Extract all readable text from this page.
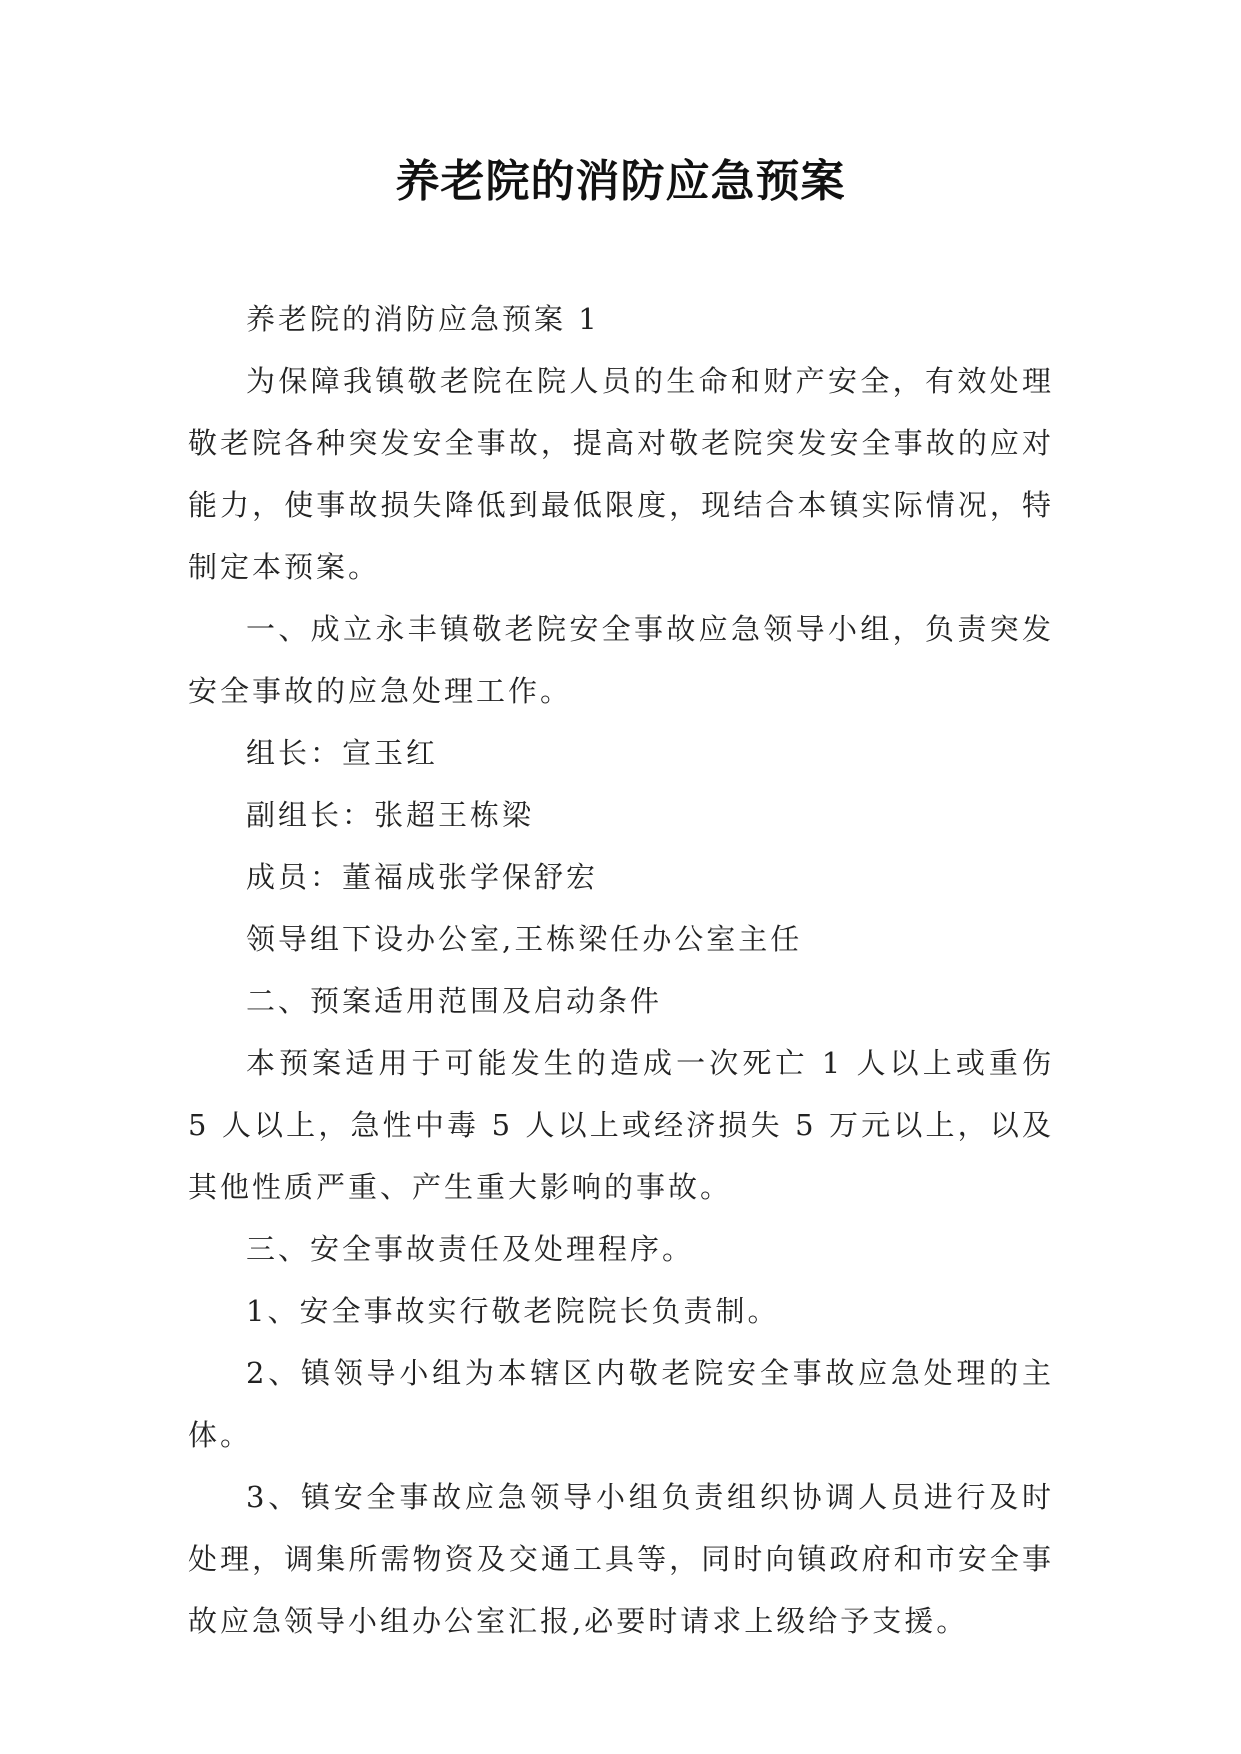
养老院的消防应急预案

养老院的消防应急预案 1

为保障我镇敬老院在院人员的生命和财产安全，有效处理敬老院各种突发安全事故，提高对敬老院突发安全事故的应对能力，使事故损失降低到最低限度，现结合本镇实际情况，特制定本预案。

一、成立永丰镇敬老院安全事故应急领导小组，负责突发安全事故的应急处理工作。

组长：宣玉红

副组长：张超王栋梁

成员：董福成张学保舒宏

领导组下设办公室,王栋梁任办公室主任

二、预案适用范围及启动条件

本预案适用于可能发生的造成一次死亡 1 人以上或重伤 5 人以上，急性中毒 5 人以上或经济损失 5 万元以上，以及其他性质严重、产生重大影响的事故。

三、安全事故责任及处理程序。

1、安全事故实行敬老院院长负责制。

2、镇领导小组为本辖区内敬老院安全事故应急处理的主体。

3、镇安全事故应急领导小组负责组织协调人员进行及时处理，调集所需物资及交通工具等，同时向镇政府和市安全事故应急领导小组办公室汇报,必要时请求上级给予支援。
